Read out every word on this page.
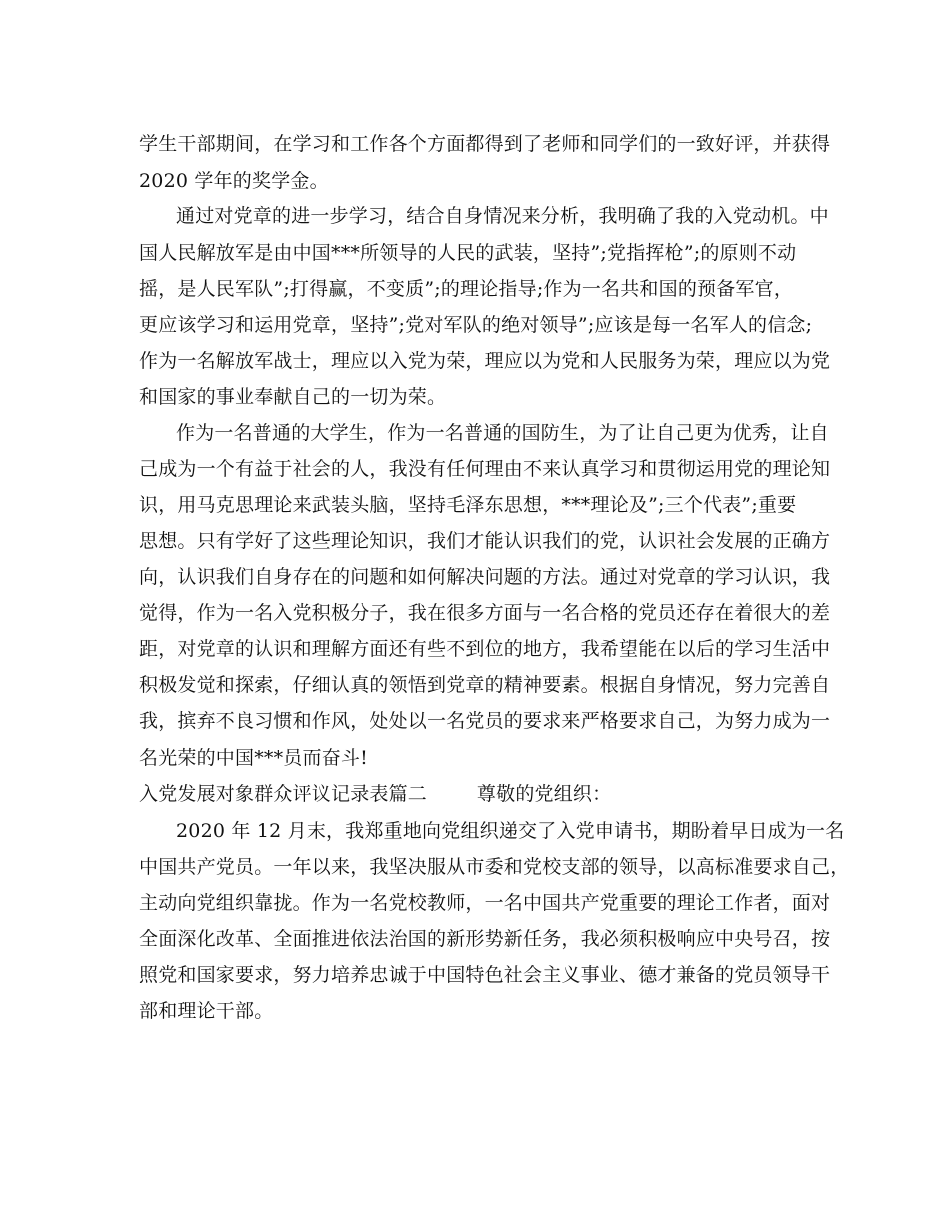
学生干部期间，在学习和工作各个方面都得到了老师和同学们的一致好评，并获得
2020 学年的奖学金。
通过对党章的进一步学习，结合自身情况来分析，我明确了我的入党动机。中
国人民解放军是由中国***所领导的人民的武装，坚持”;党指挥枪”;的原则不动
摇，是人民军队”;打得赢，不变质”;的理论指导;作为一名共和国的预备军官，
更应该学习和运用党章，坚持”;党对军队的绝对领导”;应该是每一名军人的信念;
作为一名解放军战士，理应以入党为荣，理应以为党和人民服务为荣，理应以为党
和国家的事业奉献自己的一切为荣。
作为一名普通的大学生，作为一名普通的国防生，为了让自己更为优秀，让自
己成为一个有益于社会的人，我没有任何理由不来认真学习和贯彻运用党的理论知
识，用马克思理论来武装头脑，坚持毛泽东思想，***理论及”;三个代表”;重要
思想。只有学好了这些理论知识，我们才能认识我们的党，认识社会发展的正确方
向，认识我们自身存在的问题和如何解决问题的方法。通过对党章的学习认识，我
觉得，作为一名入党积极分子，我在很多方面与一名合格的党员还存在着很大的差
距，对党章的认识和理解方面还有些不到位的地方，我希望能在以后的学习生活中
积极发觉和探索，仔细认真的领悟到党章的精神要素。根据自身情况，努力完善自
我，摈弃不良习惯和作风，处处以一名党员的要求来严格要求自己，为努力成为一
名光荣的中国***员而奋斗!
入党发展对象群众评议记录表篇二        尊敬的党组织：
2020 年 12 月末，我郑重地向党组织递交了入党申请书，期盼着早日成为一名
中国共产党员。一年以来，我坚决服从市委和党校支部的领导，以高标准要求自己，
主动向党组织靠拢。作为一名党校教师，一名中国共产党重要的理论工作者，面对
全面深化改革、全面推进依法治国的新形势新任务，我必须积极响应中央号召，按
照党和国家要求，努力培养忠诚于中国特色社会主义事业、德才兼备的党员领导干
部和理论干部。
